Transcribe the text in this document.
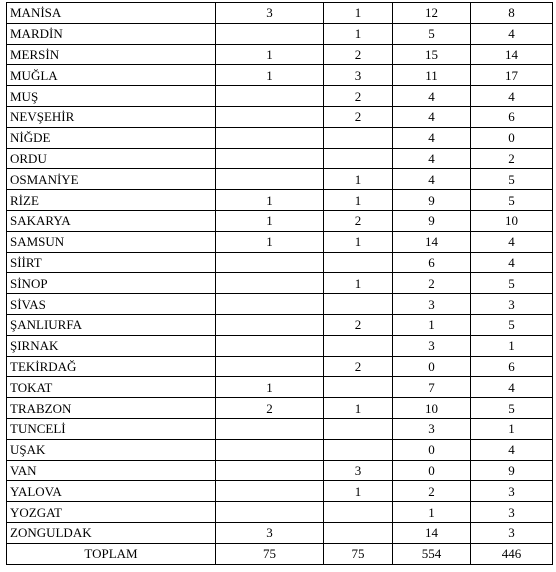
MANİSA	3	1	12	8
MARDİN		1	5	4
MERSİN	1	2	15	14
MUĞLA	1	3	11	17
MUŞ		2	4	4
NEVŞEHİR		2	4	6
NİĞDE			4	0
ORDU			4	2
OSMANİYE		1	4	5
RİZE	1	1	9	5
SAKARYA	1	2	9	10
SAMSUN	1	1	14	4
SİİRT			6	4
SİNOP		1	2	5
SİVAS			3	3
ŞANLIURFA		2	1	5
ŞIRNAK			3	1
TEKİRDAĞ		2	0	6
TOKAT	1		7	4
TRABZON	2	1	10	5
TUNCELİ			3	1
UŞAK			0	4
VAN		3	0	9
YALOVA		1	2	3
YOZGAT			1	3
ZONGULDAK	3		14	3
TOPLAM	75	75	554	446
